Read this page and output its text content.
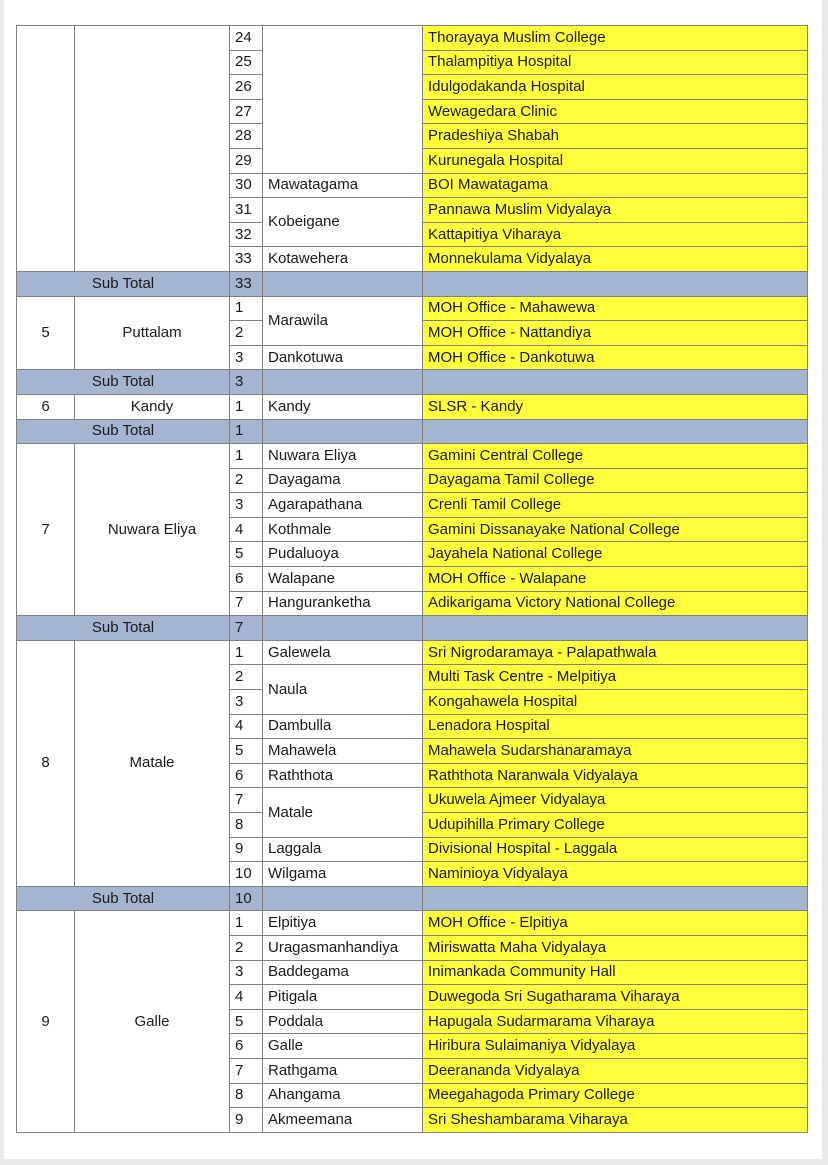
		24		Thorayaya Muslim College
		25		Thalampitiya Hospital
		26		Idulgodakanda Hospital
		27		Wewagedara Clinic
		28		Pradeshiya Shabah
		29		Kurunegala Hospital
		30	Mawatagama	BOI Mawatagama
		31	Kobeigane	Pannawa Muslim Vidyalaya
		32		Kattapitiya Viharaya
		33	Kotawehera	Monnekulama Vidyalaya
Sub Total		33		
5	Puttalam	1	Marawila	MOH Office - Mahawewa
		2		MOH Office - Nattandiya
		3	Dankotuwa	MOH Office - Dankotuwa
Sub Total		3		
6	Kandy	1	Kandy	SLSR - Kandy
Sub Total		1		
7	Nuwara Eliya	1	Nuwara Eliya	Gamini Central College
		2	Dayagama	Dayagama Tamil College
		3	Agarapathana	Crenli Tamil College
		4	Kothmale	Gamini Dissanayake National College
		5	Pudaluoya	Jayahela National College
		6	Walapane	MOH Office - Walapane
		7	Hanguranketha	Adikarigama Victory National College
Sub Total		7		
8	Matale	1	Galewela	Sri Nigrodaramaya - Palapathwala
		2	Naula	Multi Task Centre - Melpitiya
		3		Kongahawela Hospital
		4	Dambulla	Lenadora Hospital
		5	Mahawela	Mahawela Sudarshanaramaya
		6	Raththota	Raththota Naranwala Vidyalaya
		7	Matale	Ukuwela Ajmeer Vidyalaya
		8		Udupihilla Primary College
		9	Laggala	Divisional Hospital - Laggala
		10	Wilgama	Naminioya Vidyalaya
Sub Total		10		
9	Galle	1	Elpitiya	MOH Office - Elpitiya
		2	Uragasmanhandiya	Miriswatta Maha Vidyalaya
		3	Baddegama	Inimankada Community Hall
		4	Pitigala	Duwegoda Sri Sugatharama Viharaya
		5	Poddala	Hapugala Sudarmarama Viharaya
		6	Galle	Hiribura Sulaimaniya Vidyalaya
		7	Rathgama	Deerananda Vidyalaya
		8	Ahangama	Meegahagoda Primary College
		9	Akmeemana	Sri Sheshambarama Viharaya
